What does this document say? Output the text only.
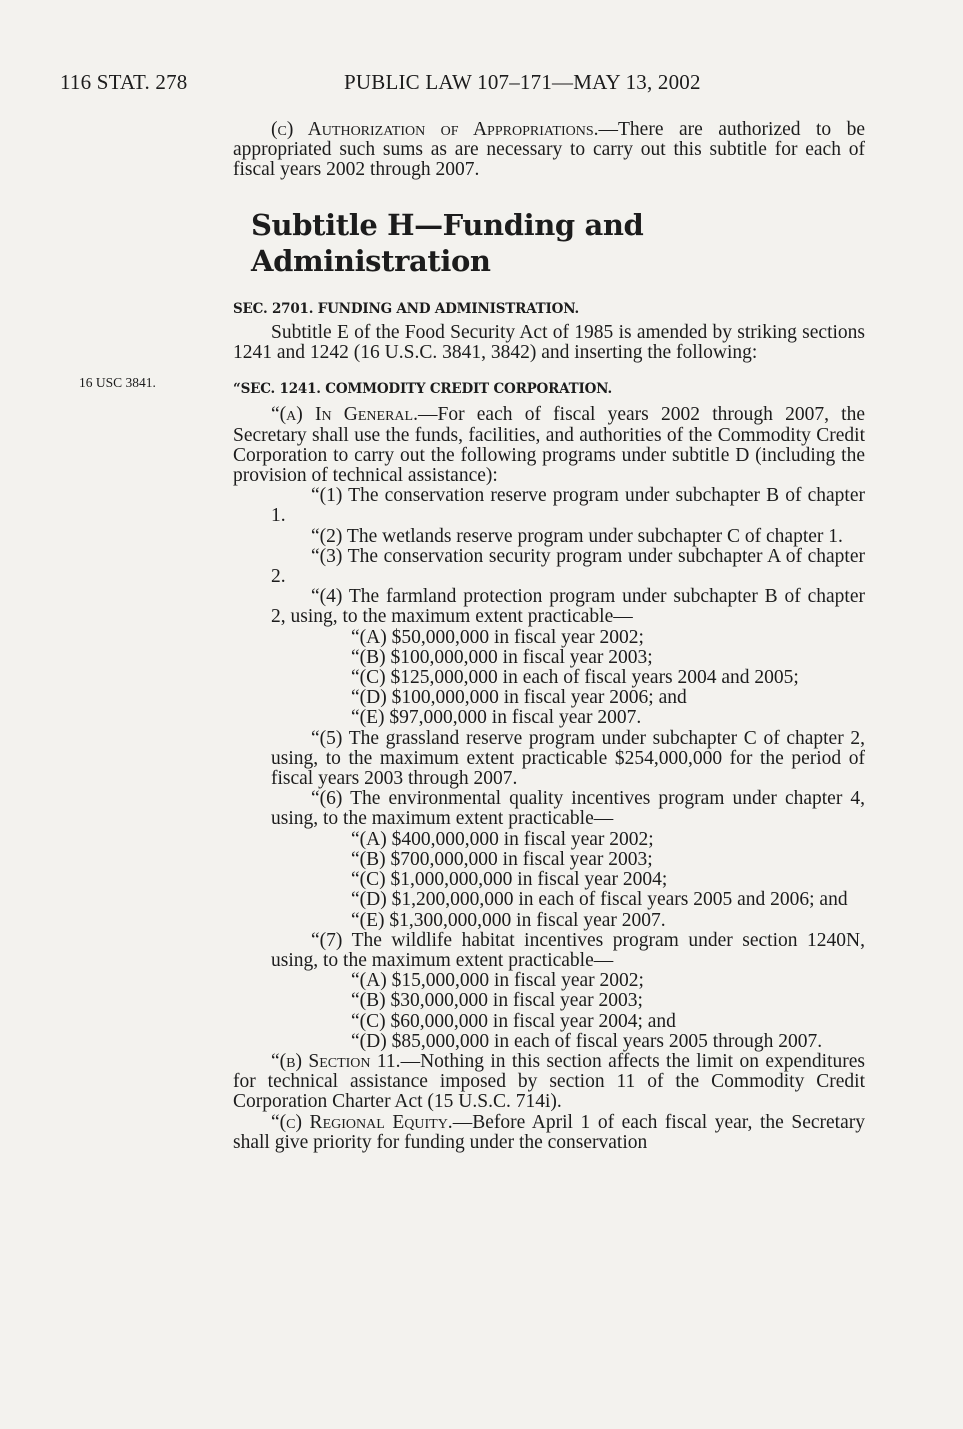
116 STAT. 278	PUBLIC LAW 107–171—MAY 13, 2002
16 USC 3841.

(c) Authorization of Appropriations.—There are authorized to be appropriated such sums as are necessary to carry out this subtitle for each of fiscal years 2002 through 2007.

Subtitle H—Funding and Administration
SEC. 2701. FUNDING AND ADMINISTRATION.

Subtitle E of the Food Security Act of 1985 is amended by striking sections 1241 and 1242 (16 U.S.C. 3841, 3842) and inserting the following:

“SEC. 1241. COMMODITY CREDIT CORPORATION.

“(a) In General.—For each of fiscal years 2002 through 2007, the Secretary shall use the funds, facilities, and authorities of the Commodity Credit Corporation to carry out the following programs under subtitle D (including the provision of technical assistance):

“(1) The conservation reserve program under subchapter B of chapter 1.

“(2) The wetlands reserve program under subchapter C of chapter 1.

“(3) The conservation security program under subchapter A of chapter 2.

“(4) The farmland protection program under subchapter B of chapter 2, using, to the maximum extent practicable—

“(A) $50,000,000 in fiscal year 2002;

“(B) $100,000,000 in fiscal year 2003;

“(C) $125,000,000 in each of fiscal years 2004 and 2005;

“(D) $100,000,000 in fiscal year 2006; and

“(E) $97,000,000 in fiscal year 2007.

“(5) The grassland reserve program under subchapter C of chapter 2, using, to the maximum extent practicable $254,000,000 for the period of fiscal years 2003 through 2007.

“(6) The environmental quality incentives program under chapter 4, using, to the maximum extent practicable—

“(A) $400,000,000 in fiscal year 2002;

“(B) $700,000,000 in fiscal year 2003;

“(C) $1,000,000,000 in fiscal year 2004;

“(D) $1,200,000,000 in each of fiscal years 2005 and 2006; and

“(E) $1,300,000,000 in fiscal year 2007.

“(7) The wildlife habitat incentives program under section 1240N, using, to the maximum extent practicable—

“(A) $15,000,000 in fiscal year 2002;

“(B) $30,000,000 in fiscal year 2003;

“(C) $60,000,000 in fiscal year 2004; and

“(D) $85,000,000 in each of fiscal years 2005 through 2007.

“(b) Section 11.—Nothing in this section affects the limit on expenditures for technical assistance imposed by section 11 of the Commodity Credit Corporation Charter Act (15 U.S.C. 714i).

“(c) Regional Equity.—Before April 1 of each fiscal year, the Secretary shall give priority for funding under the conservation
